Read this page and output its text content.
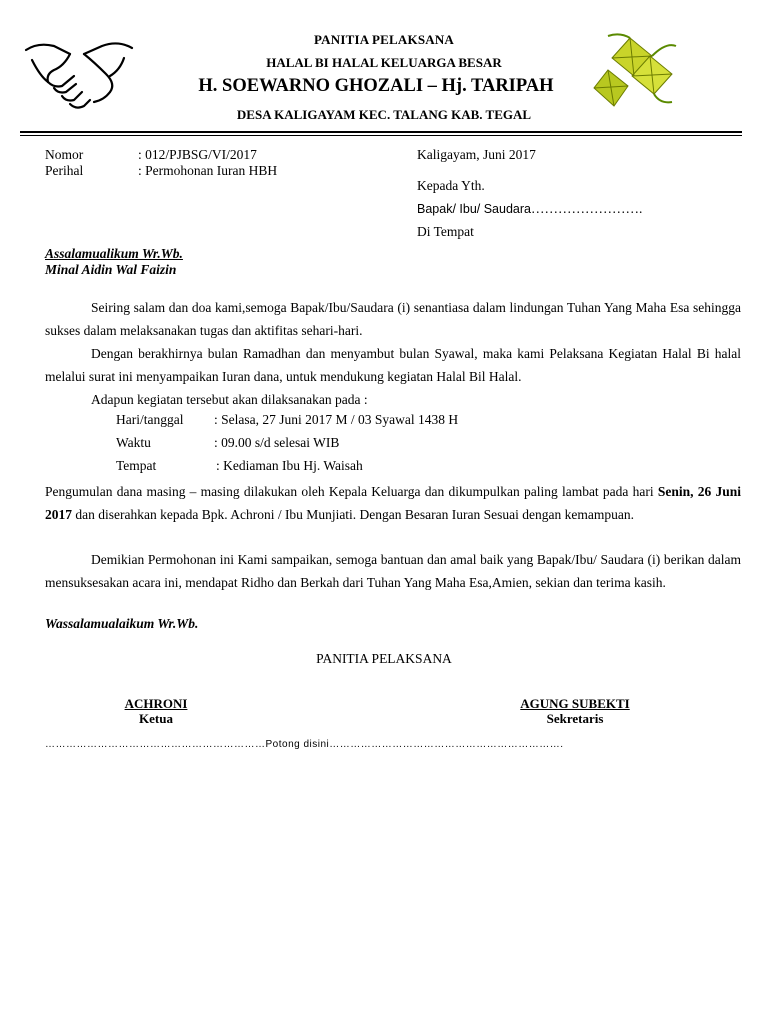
PANITIA PELAKSANA
HALAL BI HALAL KELUARGA BESAR
H. SOEWARNO GHOZALI – Hj. TARIPAH
DESA KALIGAYAM KEC. TALANG KAB. TEGAL
Nomor	: 012/PJBSG/VI/2017
Perihal	: Permohonan Iuran HBH
Kaligayam, Juni 2017
Kepada Yth.
Bapak/ Ibu/ Saudara…………………….
Di Tempat
Assalamualikum Wr.Wb.
Minal Aidin Wal Faizin
Seiring salam dan doa kami,semoga Bapak/Ibu/Saudara (i) senantiasa dalam lindungan Tuhan Yang Maha Esa sehingga sukses dalam melaksanakan tugas dan aktifitas sehari-hari.
Dengan berakhirnya bulan Ramadhan dan menyambut bulan Syawal, maka kami Pelaksana Kegiatan Halal Bi halal melalui surat ini menyampaikan Iuran dana, untuk mendukung kegiatan Halal Bil Halal.
Adapun kegiatan tersebut akan dilaksanakan pada :
Hari/tanggal : Selasa, 27 Juni 2017 M / 03 Syawal 1438 H
Waktu	: 09.00 s/d selesai WIB
Tempat	: Kediaman Ibu Hj. Waisah
Pengumulan dana masing – masing dilakukan oleh Kepala Keluarga dan dikumpulkan paling lambat pada hari Senin, 26 Juni 2017 dan diserahkan kepada Bpk. Achroni / Ibu Munjiati. Dengan Besaran Iuran Sesuai dengan kemampuan.
Demikian Permohonan ini Kami sampaikan, semoga bantuan dan amal baik yang Bapak/Ibu/ Saudara (i) berikan dalam mensuksesakan acara ini, mendapat Ridho dan Berkah dari Tuhan Yang Maha Esa,Amien, sekian dan terima kasih.
Wassalamualaikum Wr.Wb.
PANITIA PELAKSANA
ACHRONI
Ketua
AGUNG SUBEKTI
Sekretaris
………………………………………………………Potong disini………………………………………………………….
